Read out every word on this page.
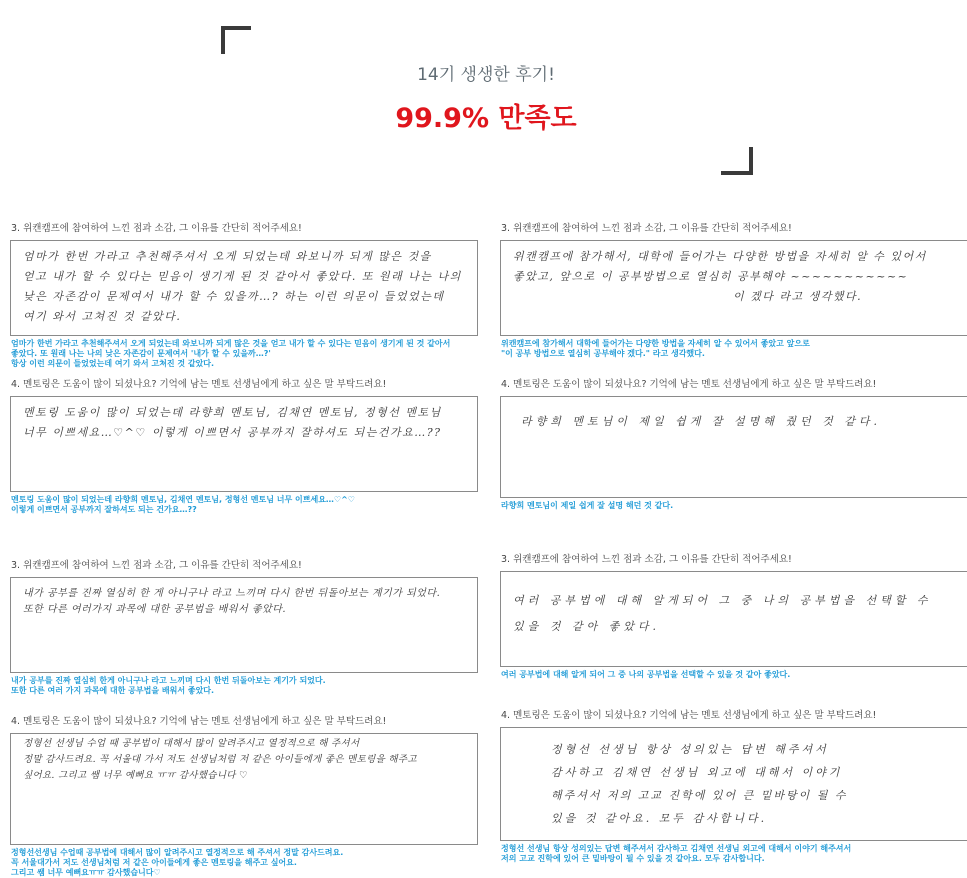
14기 생생한 후기!
99.9% 만족도
3. 위캔캠프에 참여하여 느낀 점과 소감, 그 이유를 간단히 적어주세요!

엄마가 한번 가라고 추천해주셔서 오게 되었는데 와보니까 되게 많은 것을

얻고 내가 할 수 있다는 믿음이 생기게 된 것 같아서 좋았다. 또 원래 나는 나의

낮은 자존감이 문제여서 내가 할 수 있을까…? 하는 이런 의문이 들었었는데

여기 와서 고쳐진 것 같았다.

엄마가 한번 가라고 추천해주셔서 오게 되었는데 와보니까 되게 많은 것을 얻고 내가 할 수 있다는 믿음이 생기게 된 것 같아서
좋았다. 또 원래 나는 나의 낮은 자존감이 문제여서 '내가 할 수 있을까…?'
항상 이런 의문이 들었었는데 여기 와서 고쳐진 것 같았다.
3. 위캔캠프에 참여하여 느낀 점과 소감, 그 이유를 간단히 적어주세요!

위캔캠프에 참가해서, 대학에 들어가는 다양한 방법을 자세히 알 수 있어서

좋았고, 앞으로 이 공부방법으로 열심히 공부해야 ~~~~~~~~~~~

이 겠다 라고 생각했다.

위캔캠프에 참가해서 대학에 들어가는 다양한 방법을 자세히 알 수 있어서 좋았고 앞으로
"이 공부 방법으로 열심히 공부해야 겠다." 라고 생각했다.
4. 멘토링은 도움이 많이 되셨나요? 기억에 남는 멘토 선생님에게 하고 싶은 말 부탁드려요!

멘토링 도움이 많이 되었는데 라향희 멘토님, 김채연 멘토님, 정형선 멘토님

너무 이쁘세요…♡^♡ 이렇게 이쁘면서 공부까지 잘하셔도 되는건가요…??

멘토링 도움이 많이 되었는데 라향희 멘토님, 김채연 멘토님, 정형선 멘토님 너무 이쁘세요…♡^♡
이렇게 이쁘면서 공부까지 잘하셔도 되는 건가요…??
4. 멘토링은 도움이 많이 되셨나요? 기억에 남는 멘토 선생님에게 하고 싶은 말 부탁드려요!

라향희 멘토님이 제일 쉽게 잘 설명해 줬던 것 같다.

라향희 멘토님이 제일 쉽게 잘 설명 해던 것 같다.
3. 위캔캠프에 참여하여 느낀 점과 소감, 그 이유를 간단히 적어주세요!

내가 공부를 진짜 열심히 한 게 아니구나 라고 느끼며 다시 한번 뒤돌아보는 계기가 되었다.

또한 다른 여러가지 과목에 대한 공부법을 배워서 좋았다.

내가 공부를 진짜 열심히 한게 아니구나 라고 느끼며 다시 한번 뒤돌아보는 계기가 되었다.
또한 다른 여러 가지 과목에 대한 공부법을 배워서 좋았다.
3. 위캔캠프에 참여하여 느낀 점과 소감, 그 이유를 간단히 적어주세요!

여러 공부법에 대해 알게되어 그 중 나의 공부법을 선택할 수

있을 것 같아 좋았다.

여러 공부법에 대해 알게 되어 그 중 나의 공부법을 선택할 수 있을 것 같아 좋았다.
4. 멘토링은 도움이 많이 되셨나요? 기억에 남는 멘토 선생님에게 하고 싶은 말 부탁드려요!

정형선 선생님 수업 때 공부법이 대해서 많이 알려주시고 열정적으로 해 주셔서

정말 감사드려요. 꼭 서울대 가서 저도 선생님처럼 저 같은 아이들에게 좋은 멘토링을 해주고

싶어요. 그리고 쌤 너무 예뻐요 ㅠㅠ 감사했습니다 ♡

정형선선생님 수업때 공부법에 대해서 많이 알려주시고 열정적으로 해 주셔서 정말 감사드려요.
꼭 서울대가서 저도 선생님처럼 저 같은 아이들에게 좋은 멘토링을 해주고 싶어요.
그리고 쌤 너무 예뻐요ㅠㅠ 감사했습니다♡
4. 멘토링은 도움이 많이 되셨나요? 기억에 남는 멘토 선생님에게 하고 싶은 말 부탁드려요!

정형선 선생님 항상 성의있는 답변 해주셔서

감사하고 김채연 선생님 외고에 대해서 이야기

해주셔서 저의 고교 진학에 있어 큰 밑바탕이 될 수

있을 것 같아요. 모두 감사합니다.

정형선 선생님 항상 성의있는 답변 해주셔서 감사하고 김채연 선생님 외고에 대해서 이야기 해주셔서
저의 고교 진학에 있어 큰 밑바탕이 될 수 있을 것 같아요. 모두 감사합니다.
